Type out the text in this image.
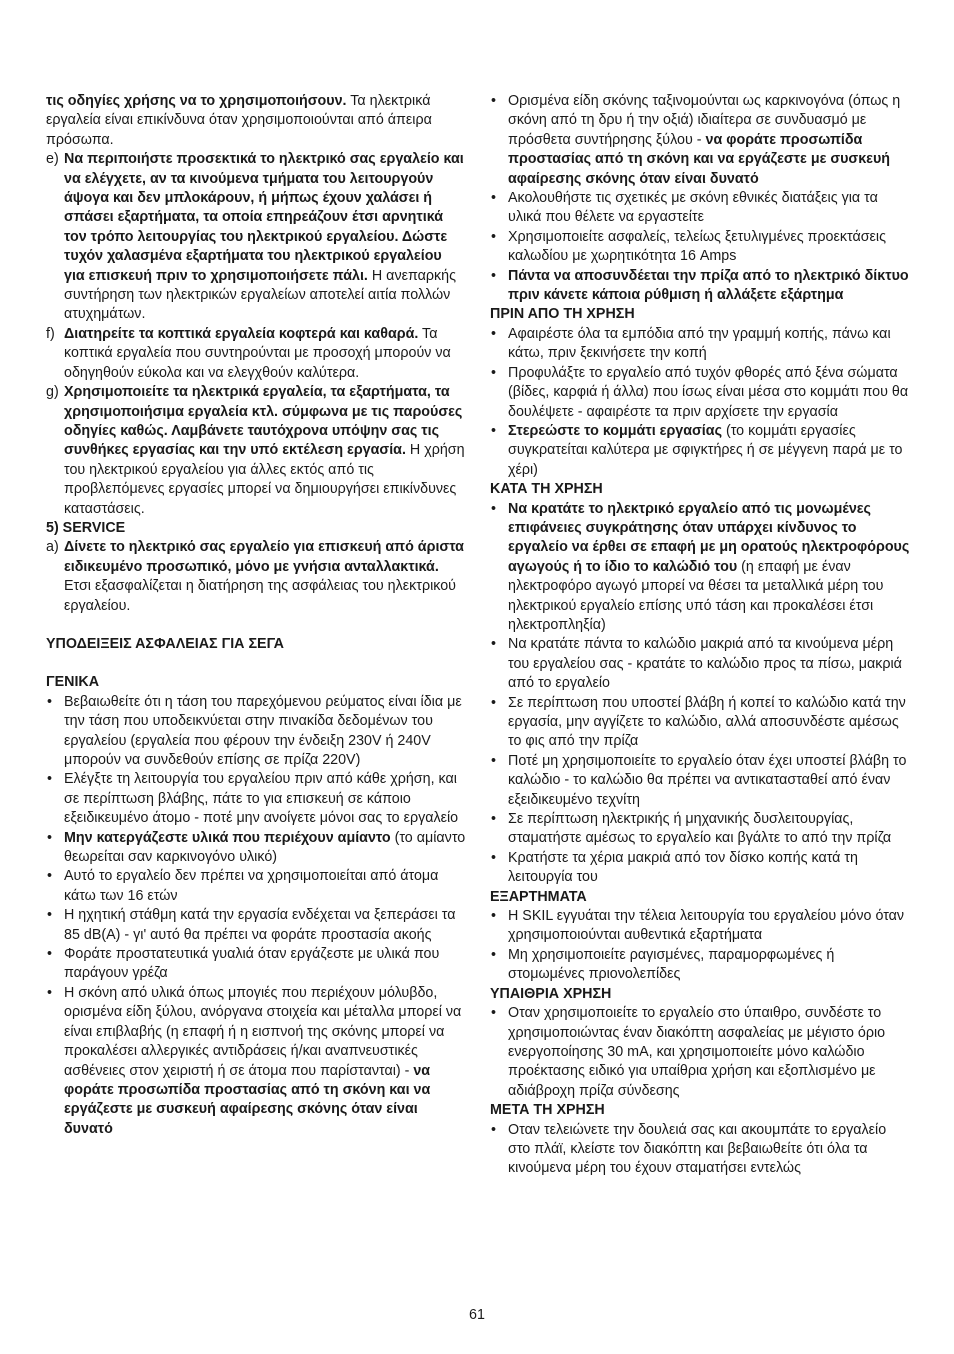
τις οδηγίες χρήσης να το χρησιμοποιήσουν. Τα ηλεκτρικά εργαλεία είναι επικίνδυνα όταν χρησιμοποιούνται από άπειρα πρόσωπα.

e) Να περιποιήστε προσεκτικά το ηλεκτρικό σας εργαλείο και να ελέγχετε, αν τα κινούμενα τμήματα του λειτουργούν άψογα και δεν μπλοκάρουν, ή μήπως έχουν χαλάσει ή σπάσει εξαρτήματα, τα οποία επηρεάζουν έτσι αρνητικά τον τρόπο λειτουργίας του ηλεκτρικού εργαλείου. Δώστε τυχόν χαλασμένα εξαρτήματα του ηλεκτρικού εργαλείου για επισκευή πριν το χρησιμοποιήσετε πάλι. Η ανεπαρκής συντήρηση των ηλεκτρικών εργαλείων αποτελεί αιτία πολλών ατυχημάτων.
f) Διατηρείτε τα κοπτικά εργαλεία κοφτερά και καθαρά. Τα κοπτικά εργαλεία που συντηρούνται με προσοχή μπορούν να οδηγηθούν εύκολα και να ελεγχθούν καλύτερα.
g) Χρησιμοποιείτε τα ηλεκτρικά εργαλεία, τα εξαρτήματα, τα χρησιμοποιήσιμα εργαλεία κτλ. σύμφωνα με τις παρούσες οδηγίες καθώς. Λαμβάνετε ταυτόχρονα υπόψην σας τις συνθήκες εργασίας και την υπό εκτέλεση εργασία. Η χρήση του ηλεκτρικού εργαλείου για άλλες εκτός από τις προβλεπόμενες εργασίες μπορεί να δημιουργήσει επικίνδυνες καταστάσεις.

5) SERVICE

a) Δίνετε το ηλεκτρικό σας εργαλείο για επισκευή από άριστα ειδικευμένο προσωπικό, μόνο με γνήσια ανταλλακτικά. Ετσι εξασφαλίζεται η διατήρηση της ασφάλειας του ηλεκτρικού εργαλείου.

ΥΠΟΔΕΙΞΕΙΣ ΑΣΦΑΛΕΙΑΣ ΓΙΑ ΣΕΓΑ

ΓΕΝΙΚΑ

• Βεβαιωθείτε ότι η τάση του παρεχόμενου ρεύματος είναι ίδια με την τάση που υποδεικνύεται στην πινακίδα δεδομένων του εργαλείου (εργαλεία που φέρουν την ένδειξη 230V ή 240V μπορούν να συνδεθούν επίσης σε πρίζα 220V)
• Ελέγξτε τη λειτουργία του εργαλείου πριν από κάθε χρήση, και σε περίπτωση βλάβης, πάτε το για επισκευή σε κάποιο εξειδικευμένο άτομο - ποτέ μην ανοίγετε μόνοι σας το εργαλείο
• Μην κατεργάζεστε υλικά που περιέχουν αμίαντο (το αμίαντο θεωρείται σαν καρκινογόνο υλικό)
• Αυτό το εργαλείο δεν πρέπει να χρησιμοποιείται από άτομα κάτω των 16 ετών
• Η ηχητική στάθμη κατά την εργασία ενδέχεται να ξεπεράσει τα 85 dB(A) - γι' αυτό θα πρέπει να φοράτε προστασία ακοής
• Φοράτε προστατευτικά γυαλιά όταν εργάζεστε με υλικά που παράγουν γρέζα
• Η σκόνη από υλικά όπως μπογιές που περιέχουν μόλυβδο, ορισμένα είδη ξύλου, ανόργανα στοιχεία και μέταλλα μπορεί να είναι επιβλαβής (η επαφή ή η εισπνοή της σκόνης μπορεί να προκαλέσει αλλεργικές αντιδράσεις ή/και αναπνευστικές ασθένειες στον χειριστή ή σε άτομα που παρίστανται) - να φοράτε προσωπίδα προστασίας από τη σκόνη και να εργάζεστε με συσκευή αφαίρεσης σκόνης όταν είναι δυνατό
• Ορισμένα είδη σκόνης ταξινομούνται ως καρκινογόνα (όπως η σκόνη από τη δρυ ή την οξιά) ιδιαίτερα σε συνδυασμό με πρόσθετα συντήρησης ξύλου - να φοράτε προσωπίδα προστασίας από τη σκόνη και να εργάζεστε με συσκευή αφαίρεσης σκόνης όταν είναι δυνατό
• Ακολουθήστε τις σχετικές με σκόνη εθνικές διατάξεις για τα υλικά που θέλετε να εργαστείτε
• Χρησιμοποιείτε ασφαλείς, τελείως ξετυλιγμένες προεκτάσεις καλωδίου με χωρητικότητα 16 Amps
• Πάντα να αποσυνδέεται την πρίζα από το ηλεκτρικό δίκτυο πριν κάνετε κάποια ρύθμιση ή αλλάξετε εξάρτημα

ΠΡΙΝ ΑΠΟ ΤΗ ΧΡΗΣΗ

• Αφαιρέστε όλα τα εμπόδια από την γραμμή κοπής, πάνω και κάτω, πριν ξεκινήσετε την κοπή
• Προφυλάξτε το εργαλείο από τυχόν φθορές από ξένα σώματα (βίδες, καρφιά ή άλλα) που ίσως είναι μέσα στο κομμάτι που θα δουλέψετε - αφαιρέστε τα πριν αρχίσετε την εργασία
• Στερεώστε το κομμάτι εργασίας (το κομμάτι εργασίες συγκρατείται καλύτερα με σφιγκτήρες ή σε μέγγενη παρά με το χέρι)

ΚΑΤΑ ΤΗ ΧΡΗΣΗ

• Να κρατάτε το ηλεκτρικό εργαλείο από τις μονωμένες επιφάνειες συγκράτησης όταν υπάρχει κίνδυνος το εργαλείο να έρθει σε επαφή με μη ορατούς ηλεκτροφόρους αγωγούς ή το ίδιο το καλώδιό του (η επαφή με έναν ηλεκτροφόρο αγωγό μπορεί να θέσει τα μεταλλικά μέρη του ηλεκτρικού εργαλείο επίσης υπό τάση και προκαλέσει έτσι ηλεκτροπληξία)
• Να κρατάτε πάντα το καλώδιο μακριά από τα κινούμενα μέρη του εργαλείου σας - κρατάτε το καλώδιο προς τα πίσω, μακριά από το εργαλείο
• Σε περίπτωση που υποστεί βλάβη ή κοπεί το καλώδιο κατά την εργασία, μην αγγίζετε το καλώδιο, αλλά αποσυνδέστε αμέσως το φις από την πρίζα
• Ποτέ μη χρησιμοποιείτε το εργαλείο όταν έχει υποστεί βλάβη το καλώδιο - το καλώδιο θα πρέπει να αντικατασταθεί από έναν εξειδικευμένο τεχνίτη
• Σε περίπτωση ηλεκτρικής ή μηχανικής δυσλειτουργίας, σταματήστε αμέσως το εργαλείο και βγάλτε το από την πρίζα
• Κρατήστε τα χέρια μακριά από τον δίσκο κοπής κατά τη λειτουργία του

ΕΞΑΡΤΗΜΑΤΑ

• Η SKIL εγγυάται την τέλεια λειτουργία του εργαλείου μόνο όταν χρησιμοποιούνται αυθεντικά εξαρτήματα
• Μη χρησιμοποιείτε ραγισμένες, παραμορφωμένες ή στομωμένες πριονολεπίδες

ΥΠΑΙΘΡΙΑ ΧΡΗΣΗ

• Οταν χρησιμοποιείτε το εργαλείο στο ύπαιθρο, συνδέστε το χρησιμοποιώντας έναν διακόπτη ασφαλείας με μέγιστο όριο ενεργοποίησης 30 mA, και χρησιμοποιείτε μόνο καλώδιο προέκτασης ειδικό για υπαίθρια χρήση και εξοπλισμένο με αδιάβροχη πρίζα σύνδεσης

ΜΕΤΑ ΤΗ ΧΡΗΣΗ

• Οταν τελειώνετε την δουλειά σας και ακουμπάτε το εργαλείο στο πλάϊ, κλείστε τον διακόπτη και βεβαιωθείτε ότι όλα τα κινούμενα μέρη του έχουν σταματήσει εντελώς
61
